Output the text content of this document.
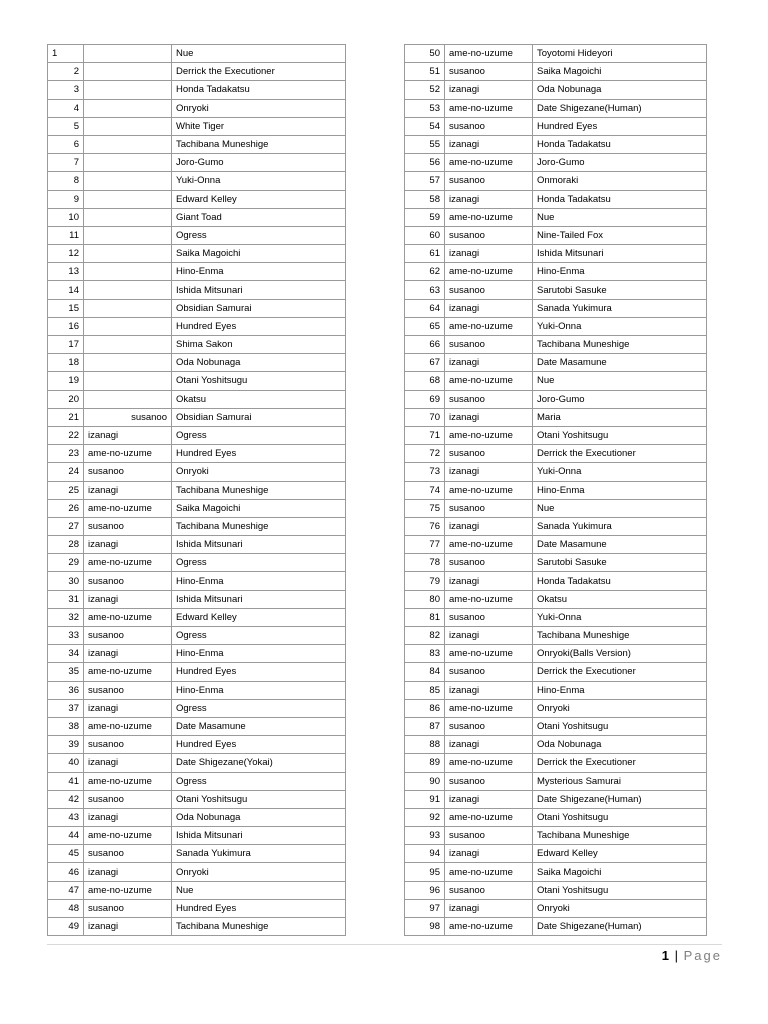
1		Nue
2		Derrick the Executioner
3		Honda Tadakatsu
4		Onryoki
5		White Tiger
6		Tachibana Muneshige
7		Joro-Gumo
8		Yuki-Onna
9		Edward Kelley
10		Giant Toad
11		Ogress
12		Saika Magoichi
13		Hino-Enma
14		Ishida Mitsunari
15		Obsidian Samurai
16		Hundred Eyes
17		Shima Sakon
18		Oda Nobunaga
19		Otani Yoshitsugu
20		Okatsu
21	susanoo	Obsidian Samurai
22	izanagi	Ogress
23	ame-no-uzume	Hundred Eyes
24	susanoo	Onryoki
25	izanagi	Tachibana Muneshige
26	ame-no-uzume	Saika Magoichi
27	susanoo	Tachibana Muneshige
28	izanagi	Ishida Mitsunari
29	ame-no-uzume	Ogress
30	susanoo	Hino-Enma
31	izanagi	Ishida Mitsunari
32	ame-no-uzume	Edward Kelley
33	susanoo	Ogress
34	izanagi	Hino-Enma
35	ame-no-uzume	Hundred Eyes
36	susanoo	Hino-Enma
37	izanagi	Ogress
38	ame-no-uzume	Date Masamune
39	susanoo	Hundred Eyes
40	izanagi	Date Shigezane(Yokai)
41	ame-no-uzume	Ogress
42	susanoo	Otani Yoshitsugu
43	izanagi	Oda Nobunaga
44	ame-no-uzume	Ishida Mitsunari
45	susanoo	Sanada Yukimura
46	izanagi	Onryoki
47	ame-no-uzume	Nue
48	susanoo	Hundred Eyes
49	izanagi	Tachibana Muneshige
50	ame-no-uzume	Toyotomi Hideyori
51	susanoo	Saika Magoichi
52	izanagi	Oda Nobunaga
53	ame-no-uzume	Date Shigezane(Human)
54	susanoo	Hundred Eyes
55	izanagi	Honda Tadakatsu
56	ame-no-uzume	Joro-Gumo
57	susanoo	Onmoraki
58	izanagi	Honda Tadakatsu
59	ame-no-uzume	Nue
60	susanoo	Nine-Tailed Fox
61	izanagi	Ishida Mitsunari
62	ame-no-uzume	Hino-Enma
63	susanoo	Sarutobi Sasuke
64	izanagi	Sanada Yukimura
65	ame-no-uzume	Yuki-Onna
66	susanoo	Tachibana Muneshige
67	izanagi	Date Masamune
68	ame-no-uzume	Nue
69	susanoo	Joro-Gumo
70	izanagi	Maria
71	ame-no-uzume	Otani Yoshitsugu
72	susanoo	Derrick the Executioner
73	izanagi	Yuki-Onna
74	ame-no-uzume	Hino-Enma
75	susanoo	Nue
76	izanagi	Sanada Yukimura
77	ame-no-uzume	Date Masamune
78	susanoo	Sarutobi Sasuke
79	izanagi	Honda Tadakatsu
80	ame-no-uzume	Okatsu
81	susanoo	Yuki-Onna
82	izanagi	Tachibana Muneshige
83	ame-no-uzume	Onryoki(Balls Version)
84	susanoo	Derrick the Executioner
85	izanagi	Hino-Enma
86	ame-no-uzume	Onryoki
87	susanoo	Otani Yoshitsugu
88	izanagi	Oda Nobunaga
89	ame-no-uzume	Derrick the Executioner
90	susanoo	Mysterious Samurai
91	izanagi	Date Shigezane(Human)
92	ame-no-uzume	Otani Yoshitsugu
93	susanoo	Tachibana Muneshige
94	izanagi	Edward Kelley
95	ame-no-uzume	Saika Magoichi
96	susanoo	Otani Yoshitsugu
97	izanagi	Onryoki
98	ame-no-uzume	Date Shigezane(Human)
1 | Page
